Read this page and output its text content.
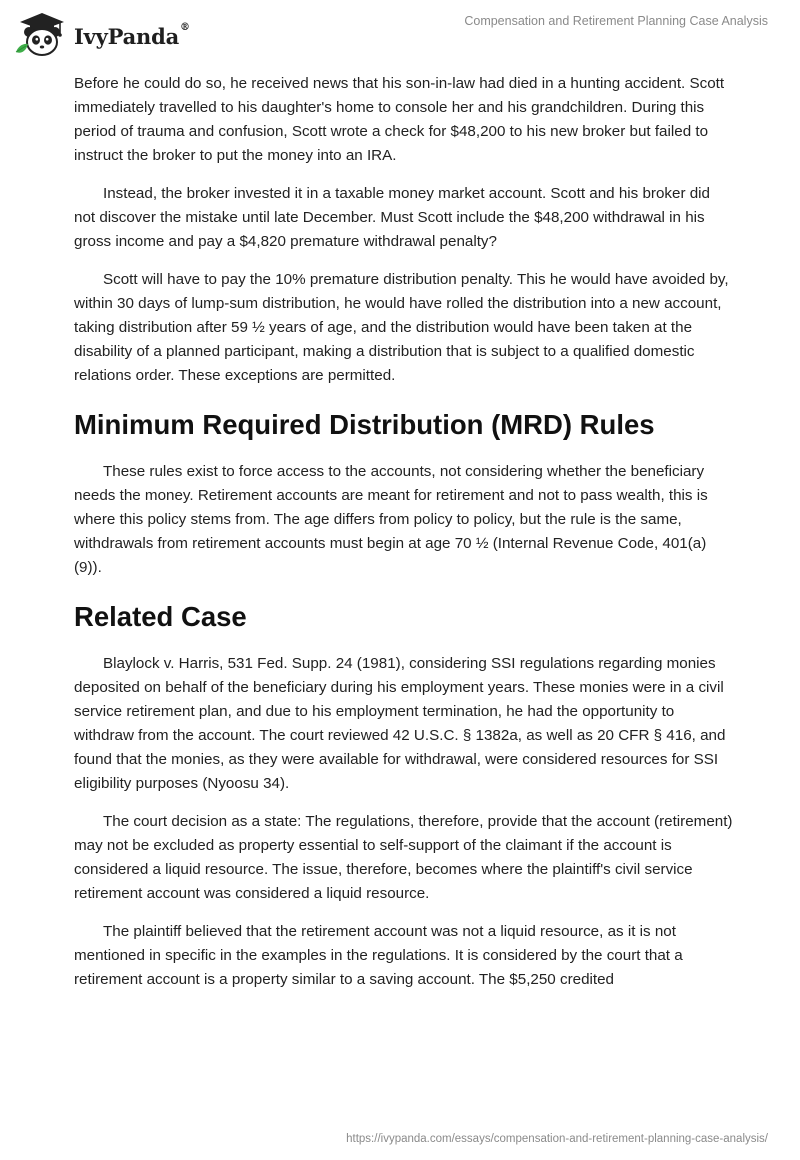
IvyPanda®	Compensation and Retirement Planning Case Analysis

Before he could do so, he received news that his son-in-law had died in a hunting accident. Scott immediately travelled to his daughter's home to console her and his grandchildren. During this period of trauma and confusion, Scott wrote a check for $48,200 to his new broker but failed to instruct the broker to put the money into an IRA.

Instead, the broker invested it in a taxable money market account. Scott and his broker did not discover the mistake until late December. Must Scott include the $48,200 withdrawal in his gross income and pay a $4,820 premature withdrawal penalty?

Scott will have to pay the 10% premature distribution penalty. This he would have avoided by, within 30 days of lump-sum distribution, he would have rolled the distribution into a new account, taking distribution after 59 ½ years of age, and the distribution would have been taken at the disability of a planned participant, making a distribution that is subject to a qualified domestic relations order. These exceptions are permitted.

Minimum Required Distribution (MRD) Rules

These rules exist to force access to the accounts, not considering whether the beneficiary needs the money. Retirement accounts are meant for retirement and not to pass wealth, this is where this policy stems from. The age differs from policy to policy, but the rule is the same, withdrawals from retirement accounts must begin at age 70 ½ (Internal Revenue Code, 401(a) (9)).

Related Case

Blaylock v. Harris, 531 Fed. Supp. 24 (1981), considering SSI regulations regarding monies deposited on behalf of the beneficiary during his employment years. These monies were in a civil service retirement plan, and due to his employment termination, he had the opportunity to withdraw from the account. The court reviewed 42 U.S.C. § 1382a, as well as 20 CFR § 416, and found that the monies, as they were available for withdrawal, were considered resources for SSI eligibility purposes (Nyoosu 34).

The court decision as a state: The regulations, therefore, provide that the account (retirement) may not be excluded as property essential to self-support of the claimant if the account is considered a liquid resource. The issue, therefore, becomes where the plaintiff's civil service retirement account was considered a liquid resource.

The plaintiff believed that the retirement account was not a liquid resource, as it is not mentioned in specific in the examples in the regulations. It is considered by the court that a retirement account is a property similar to a saving account. The $5,250 credited

https://ivypanda.com/essays/compensation-and-retirement-planning-case-analysis/
